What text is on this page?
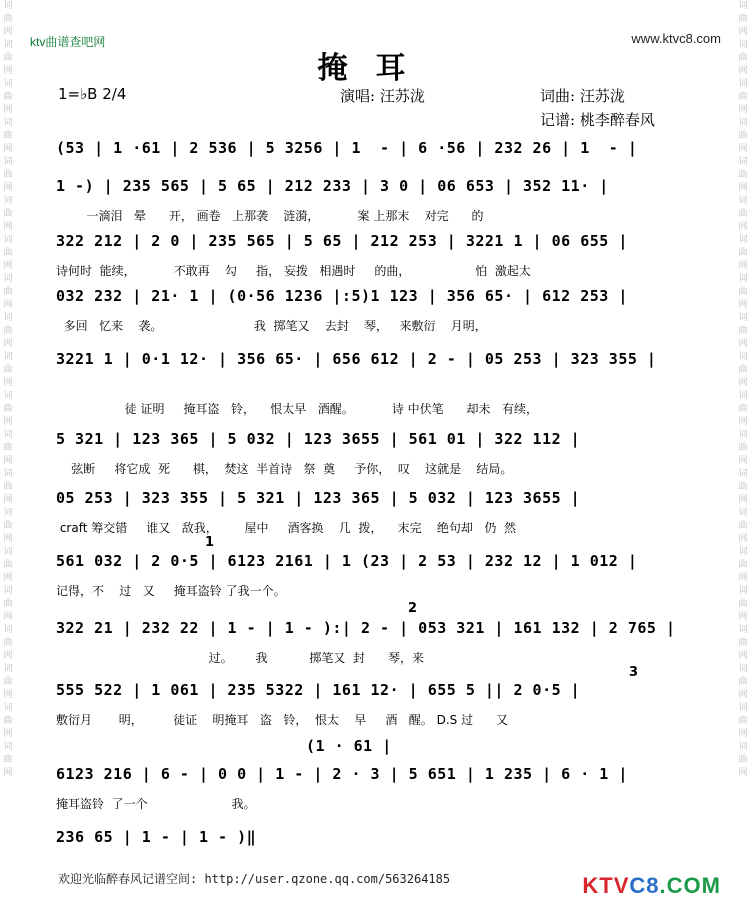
词曲网词曲网词曲网词曲网词曲网词曲网词曲网词曲网词曲网词曲网词曲网词曲网词曲网词曲网词曲网词曲网词曲网词曲网词曲网词曲网
词曲网词曲网词曲网词曲网词曲网词曲网词曲网词曲网词曲网词曲网词曲网词曲网词曲网词曲网词曲网词曲网词曲网词曲网词曲网词曲网
ktv曲谱查吧网	www.ktvc8.com
掩耳
1=♭B 2/4	演唱: 汪苏泷	词曲: 汪苏泷
记谱: 桃李醉春风
(53 | 1 ·61 | 2 536 | 5 3256 | 1  - | 6 ·56 | 232 26 | 1  - |
1 -) | 235 565 | 5 65 | 212 233 | 3 0 | 06 653 | 352 11· |
一滴泪   晕      开， 画卷   上那袭    涟漪，          案 上那末    对完      的
322 212 | 2 0 | 235 565 | 5 65 | 212 253 | 3221 1 | 06 655 |
诗何时  能续，          不敢再    勾     指， 妄拨   相遇时     的曲，                 怕  激起太
032 232 | 21· 1 | (0·56 1236 |:5)1 123 | 356 65· | 612 253 |
多回   忆来    袭。                        我  掷笔又    去封    琴，   来敷衍    月明，
3221 1 | 0·1 12· | 356 65· | 656 612 | 2 - | 05 253 | 323 355 |
徒 证明     掩耳盗   铃，    恨太早   酒醒。          诗 中伏笔      却未   有续，
5 321 | 123 365 | 5 032 | 123 3655 | 561 01 | 322 112 |
弦断     将它成  死      棋，  焚这  半首诗   祭  奠     予你，  叹    这就是    结局。
05 253 | 323 355 | 5 321 | 123 365 | 5 032 | 123 3655 |
craft 筹交错     谁又   敌我，       屋中     酒客换    几  拨，    末完    绝句却   仍  然
561 032 | 2 0·5 | 6123 2161 | 1 (23 | 2 53 | 232 12 | 1 012 |
记得，不    过   又     掩耳盗铃 了我一个。
322 21 | 232 22 | 1 - | 1 - ):| 2 - | 053 321 | 161 132 | 2 765 |
过。      我           掷笔又  封      琴，来
555 522 | 1 061 | 235 5322 | 161 12· | 655 5 || 2 0·5 |
敷衍月       明，        徒证    明掩耳   盗   铃，  恨太    早     酒   醒。 D.S 过      又
(1 · 61 |
6123 216 | 6 - | 0 0 | 1 - | 2 · 3 | 5 651 | 1 235 | 6 · 1 |
掩耳盗铃  了一个                      我。
236 65 | 1 - | 1 - )‖
1
2
3
欢迎光临醉春风记谱空间: http://user.qzone.qq.com/563264185	KTVC8.COM
